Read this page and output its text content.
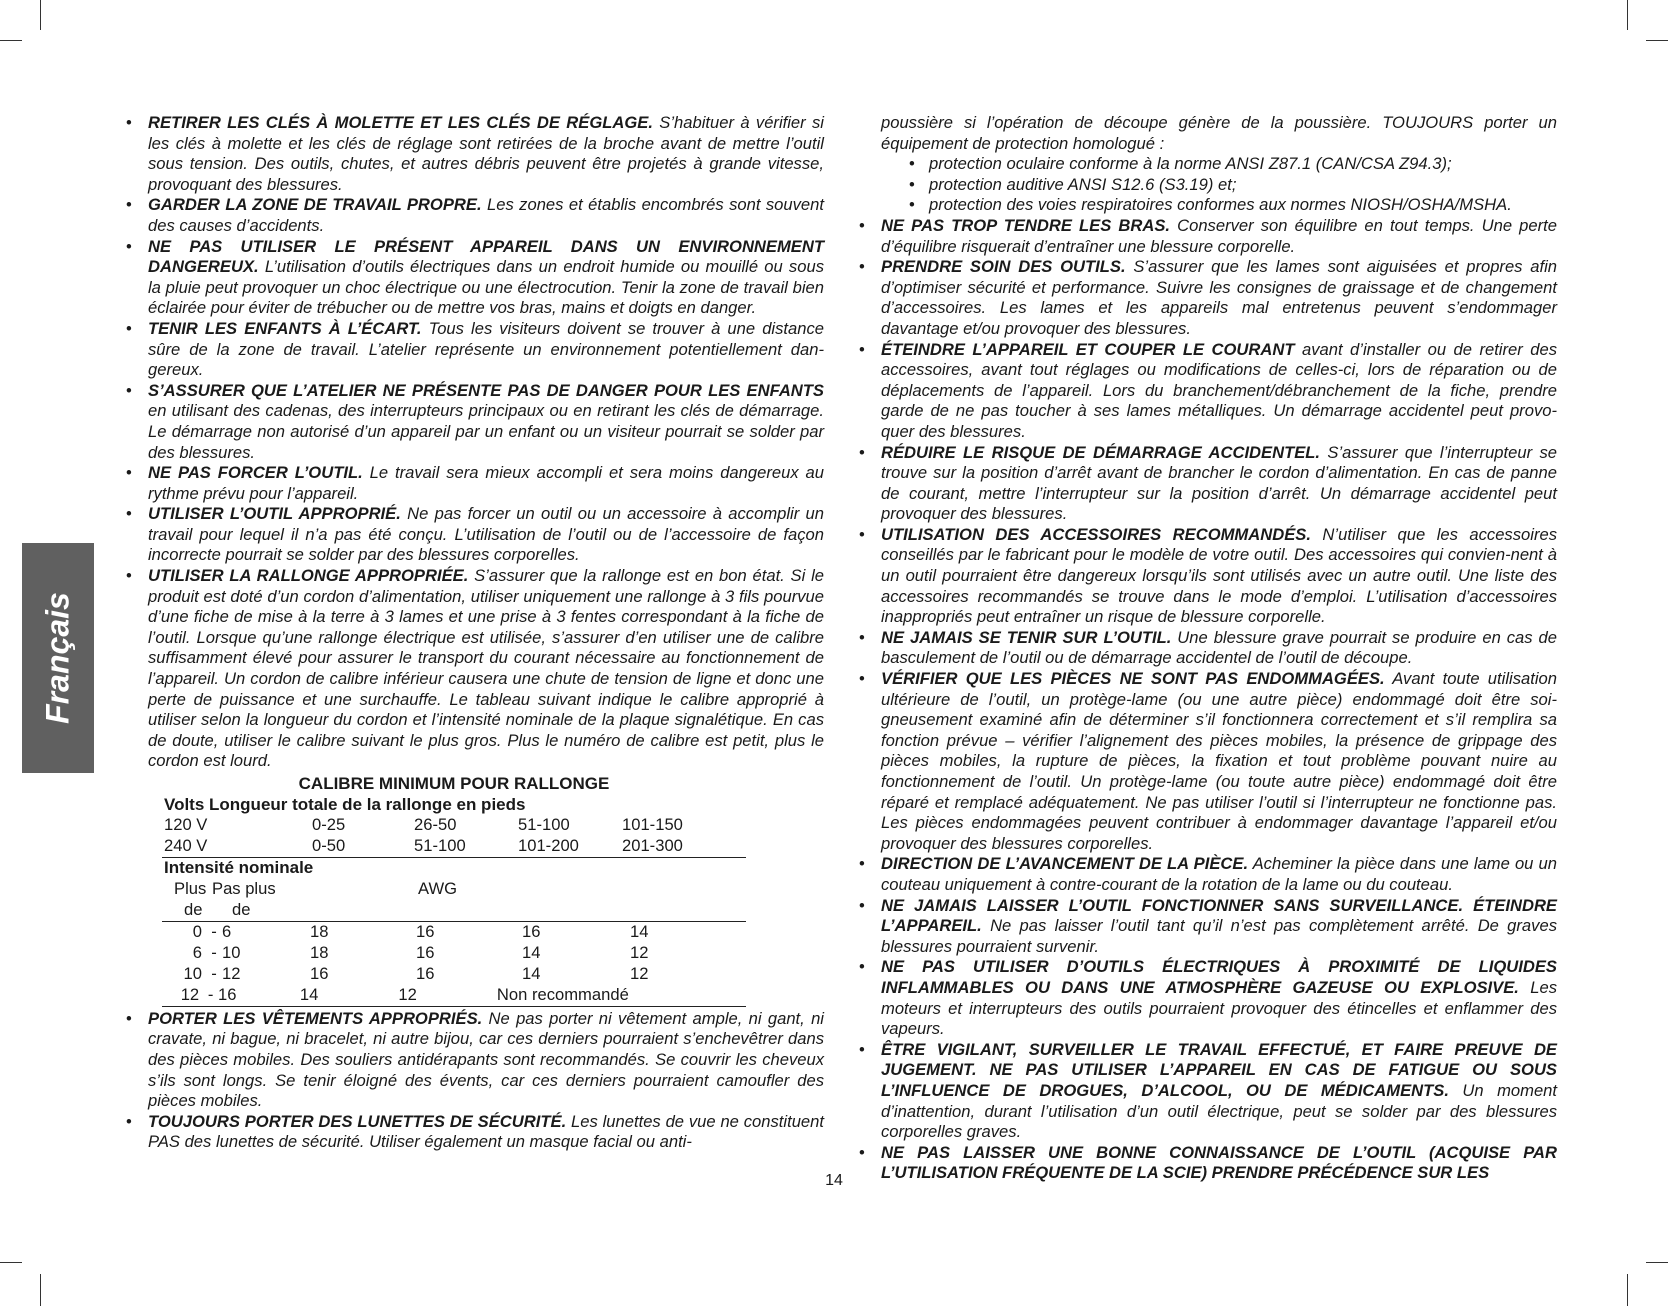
Français
• RETIRER LES CLÉS À MOLETTE ET LES CLÉS DE RÉGLAGE. S’habituer à vérifier si les clés à molette et les clés de réglage sont retirées de la broche avant de mettre l’outil sous tension. Des outils, chutes, et autres débris peuvent être projetés à grande vitesse, provoquant des blessures.
• GARDER LA ZONE DE TRAVAIL PROPRE. Les zones et établis encombrés sont souvent des causes d’accidents.
• NE PAS UTILISER LE PRÉSENT APPAREIL DANS UN ENVIRONNEMENT DANGEREUX. L’utilisation d’outils électriques dans un endroit humide ou mouillé ou sous la pluie peut provoquer un choc électrique ou une électrocution. Tenir la zone de travail bien éclairée pour éviter de trébucher ou de mettre vos bras, mains et doigts en danger.
• TENIR LES ENFANTS À L’ÉCART. Tous les visiteurs doivent se trouver à une distance sûre de la zone de travail. L’atelier représente un environnement potentiellement dan-gereux.
• S’ASSURER QUE L’ATELIER NE PRÉSENTE PAS DE DANGER POUR LES ENFANTS en utilisant des cadenas, des interrupteurs principaux ou en retirant les clés de démarrage. Le démarrage non autorisé d’un appareil par un enfant ou un visiteur pourrait se solder par des blessures.
• NE PAS FORCER L’OUTIL. Le travail sera mieux accompli et sera moins dangereux au rythme prévu pour l’appareil.
• UTILISER L’OUTIL APPROPRIÉ. Ne pas forcer un outil ou un accessoire à accomplir un travail pour lequel il n’a pas été conçu. L’utilisation de l’outil ou de l’accessoire de façon incorrecte pourrait se solder par des blessures corporelles.
• UTILISER LA RALLONGE APPROPRIÉE. S’assurer que la rallonge est en bon état. Si le produit est doté d’un cordon d’alimentation, utiliser uniquement une rallonge à 3 fils pourvue d’une fiche de mise à la terre à 3 lames et une prise à 3 fentes correspondant à la fiche de l’outil. Lorsque qu’une rallonge électrique est utilisée, s’assurer d’en utiliser une de calibre suffisamment élevé pour assurer le transport du courant nécessaire au fonctionnement de l’appareil. Un cordon de calibre inférieur causera une chute de tension de ligne et donc une perte de puissance et une surchauffe. Le tableau suivant indique le calibre approprié à utiliser selon la longueur du cordon et l’intensité nominale de la plaque signalétique. En cas de doute, utiliser le calibre suivant le plus gros. Plus le numéro de calibre est petit, plus le cordon est lourd.
CALIBRE MINIMUM POUR RALLONGE
Volts Longueur totale de la rallonge en pieds
120 V	0-25	26-50	51-100	101-150
240 V	0-50	51-100	101-200	201-300
Intensité nominale
Plus Pas plus	AWG
de	de
0 - 6	18	16	16	14
6 - 10	18	16	14	12
10 - 12	16	16	14	12
12 - 16	14	12	Non recommandé
• PORTER LES VÊTEMENTS APPROPRIÉS. Ne pas porter ni vêtement ample, ni gant, ni cravate, ni bague, ni bracelet, ni autre bijou, car ces derniers pourraient s’enchevêtrer dans des pièces mobiles. Des souliers antidérapants sont recommandés. Se couvrir les cheveux s’ils sont longs. Se tenir éloigné des évents, car ces derniers pourraient camoufler des pièces mobiles.
• TOUJOURS PORTER DES LUNETTES DE SÉCURITÉ. Les lunettes de vue ne constituent PAS des lunettes de sécurité. Utiliser également un masque facial ou anti-
poussière si l’opération de découpe génère de la poussière. TOUJOURS porter un équipement de protection homologué :
• protection oculaire conforme à la norme ANSI Z87.1 (CAN/CSA Z94.3);
• protection auditive ANSI S12.6 (S3.19) et;
• protection des voies respiratoires conformes aux normes NIOSH/OSHA/MSHA.
• NE PAS TROP TENDRE LES BRAS. Conserver son équilibre en tout temps. Une perte d’équilibre risquerait d’entraîner une blessure corporelle.
• PRENDRE SOIN DES OUTILS. S’assurer que les lames sont aiguisées et propres afin d’optimiser sécurité et performance. Suivre les consignes de graissage et de changement d’accessoires. Les lames et les appareils mal entretenus peuvent s’endommager davantage et/ou provoquer des blessures.
• ÉTEINDRE L’APPAREIL ET COUPER LE COURANT avant d’installer ou de retirer des accessoires, avant tout réglages ou modifications de celles-ci, lors de réparation ou de déplacements de l’appareil. Lors du branchement/débranchement de la fiche, prendre garde de ne pas toucher à ses lames métalliques. Un démarrage accidentel peut provo-quer des blessures.
• RÉDUIRE LE RISQUE DE DÉMARRAGE ACCIDENTEL. S’assurer que l’interrupteur se trouve sur la position d’arrêt avant de brancher le cordon d’alimentation. En cas de panne de courant, mettre l’interrupteur sur la position d’arrêt. Un démarrage accidentel peut provoquer des blessures.
• UTILISATION DES ACCESSOIRES RECOMMANDÉS. N’utiliser que les accessoires conseillés par le fabricant pour le modèle de votre outil. Des accessoires qui convien-nent à un outil pourraient être dangereux lorsqu’ils sont utilisés avec un autre outil. Une liste des accessoires recommandés se trouve dans le mode d’emploi. L’utilisation d’accessoires inappropriés peut entraîner un risque de blessure corporelle.
• NE JAMAIS SE TENIR SUR L’OUTIL. Une blessure grave pourrait se produire en cas de basculement de l’outil ou de démarrage accidentel de l’outil de découpe.
• VÉRIFIER QUE LES PIÈCES NE SONT PAS ENDOMMAGÉES. Avant toute utilisation ultérieure de l’outil, un protège-lame (ou une autre pièce) endommagé doit être soi-gneusement examiné afin de déterminer s’il fonctionnera correctement et s’il remplira sa fonction prévue – vérifier l’alignement des pièces mobiles, la présence de grippage des pièces mobiles, la rupture de pièces, la fixation et tout problème pouvant nuire au fonctionnement de l’outil. Un protège-lame (ou toute autre pièce) endommagé doit être réparé et remplacé adéquatement. Ne pas utiliser l’outil si l’interrupteur ne fonctionne pas. Les pièces endommagées peuvent contribuer à endommager davantage l’appareil et/ou provoquer des blessures corporelles.
• DIRECTION DE L’AVANCEMENT DE LA PIÈCE. Acheminer la pièce dans une lame ou un couteau uniquement à contre-courant de la rotation de la lame ou du couteau.
• NE JAMAIS LAISSER L’OUTIL FONCTIONNER SANS SURVEILLANCE. ÉTEINDRE L’APPAREIL. Ne pas laisser l’outil tant qu’il n’est pas complètement arrêté. De graves blessures pourraient survenir.
• NE PAS UTILISER D’OUTILS ÉLECTRIQUES À PROXIMITÉ DE LIQUIDES INFLAMMABLES OU DANS UNE ATMOSPHÈRE GAZEUSE OU EXPLOSIVE. Les moteurs et interrupteurs des outils pourraient provoquer des étincelles et enflammer des vapeurs.
• ÊTRE VIGILANT, SURVEILLER LE TRAVAIL EFFECTUÉ, ET FAIRE PREUVE DE JUGEMENT. NE PAS UTILISER L’APPAREIL EN CAS DE FATIGUE OU SOUS L’INFLUENCE DE DROGUES, D’ALCOOL, OU DE MÉDICAMENTS. Un moment d’inattention, durant l’utilisation d’un outil électrique, peut se solder par des blessures corporelles graves.
• NE PAS LAISSER UNE BONNE CONNAISSANCE DE L’OUTIL (ACQUISE PAR L’UTILISATION FRÉQUENTE DE LA SCIE) PRENDRE PRÉCÉDENCE SUR LES
14
